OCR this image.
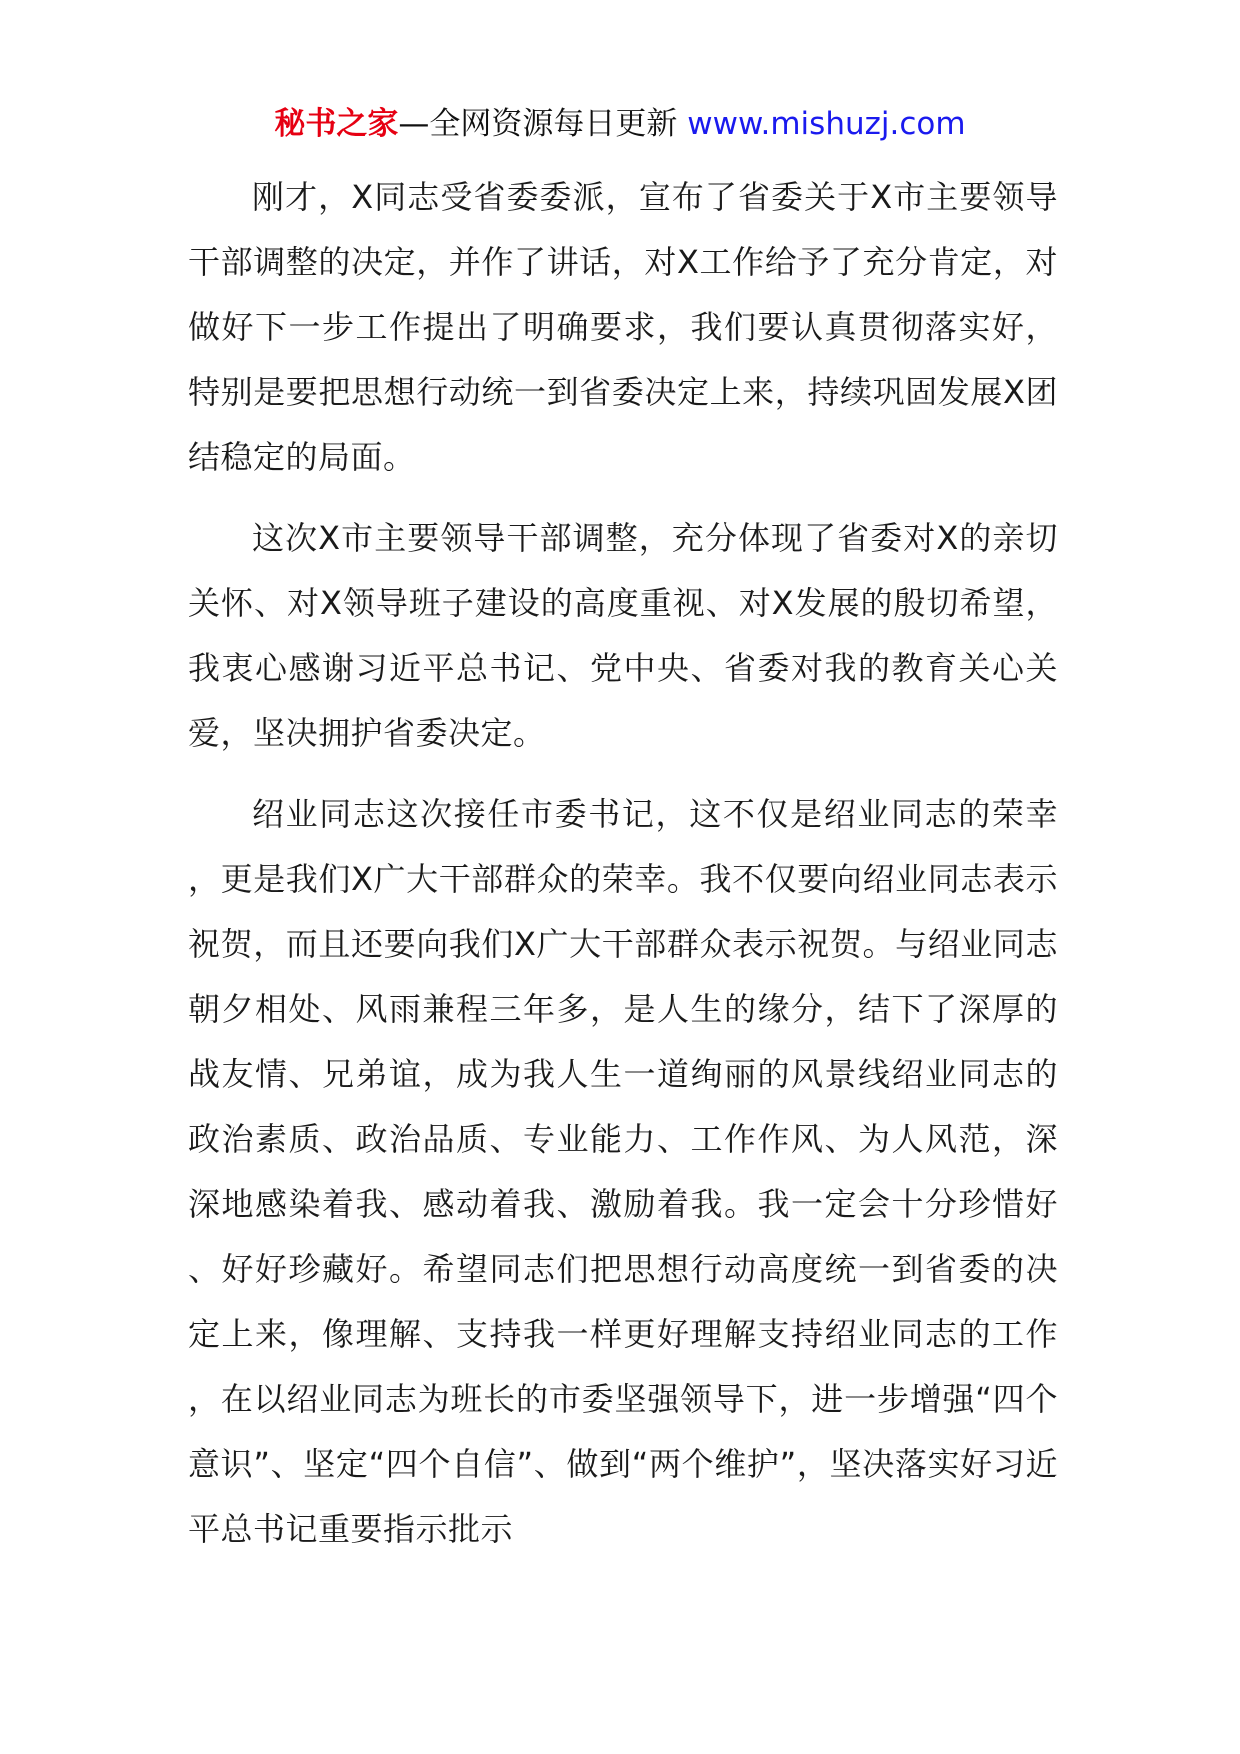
秘书之家—全网资源每日更新 www.mishuzj.com

刚才，X同志受省委委派，宣布了省委关于X市主要领导干部调整的决定，并作了讲话，对X工作给予了充分肯定，对做好下一步工作提出了明确要求，我们要认真贯彻落实好，特别是要把思想行动统一到省委决定上来，持续巩固发展X团结稳定的局面。

这次X市主要领导干部调整，充分体现了省委对X的亲切关怀、对X领导班子建设的高度重视、对X发展的殷切希望，我衷心感谢习近平总书记、党中央、省委对我的教育关心关爱，坚决拥护省委决定。

绍业同志这次接任市委书记，这不仅是绍业同志的荣幸，更是我们X广大干部群众的荣幸。我不仅要向绍业同志表示祝贺，而且还要向我们X广大干部群众表示祝贺。与绍业同志朝夕相处、风雨兼程三年多，是人生的缘分，结下了深厚的战友情、兄弟谊，成为我人生一道绚丽的风景线绍业同志的政治素质、政治品质、专业能力、工作作风、为人风范，深深地感染着我、感动着我、激励着我。我一定会十分珍惜好、好好珍藏好。希望同志们把思想行动高度统一到省委的决定上来，像理解、支持我一样更好理解支持绍业同志的工作，在以绍业同志为班长的市委坚强领导下，进一步增强“四个意识”、坚定“四个自信”、做到“两个维护”，坚决落实好习近平总书记重要指示批示
